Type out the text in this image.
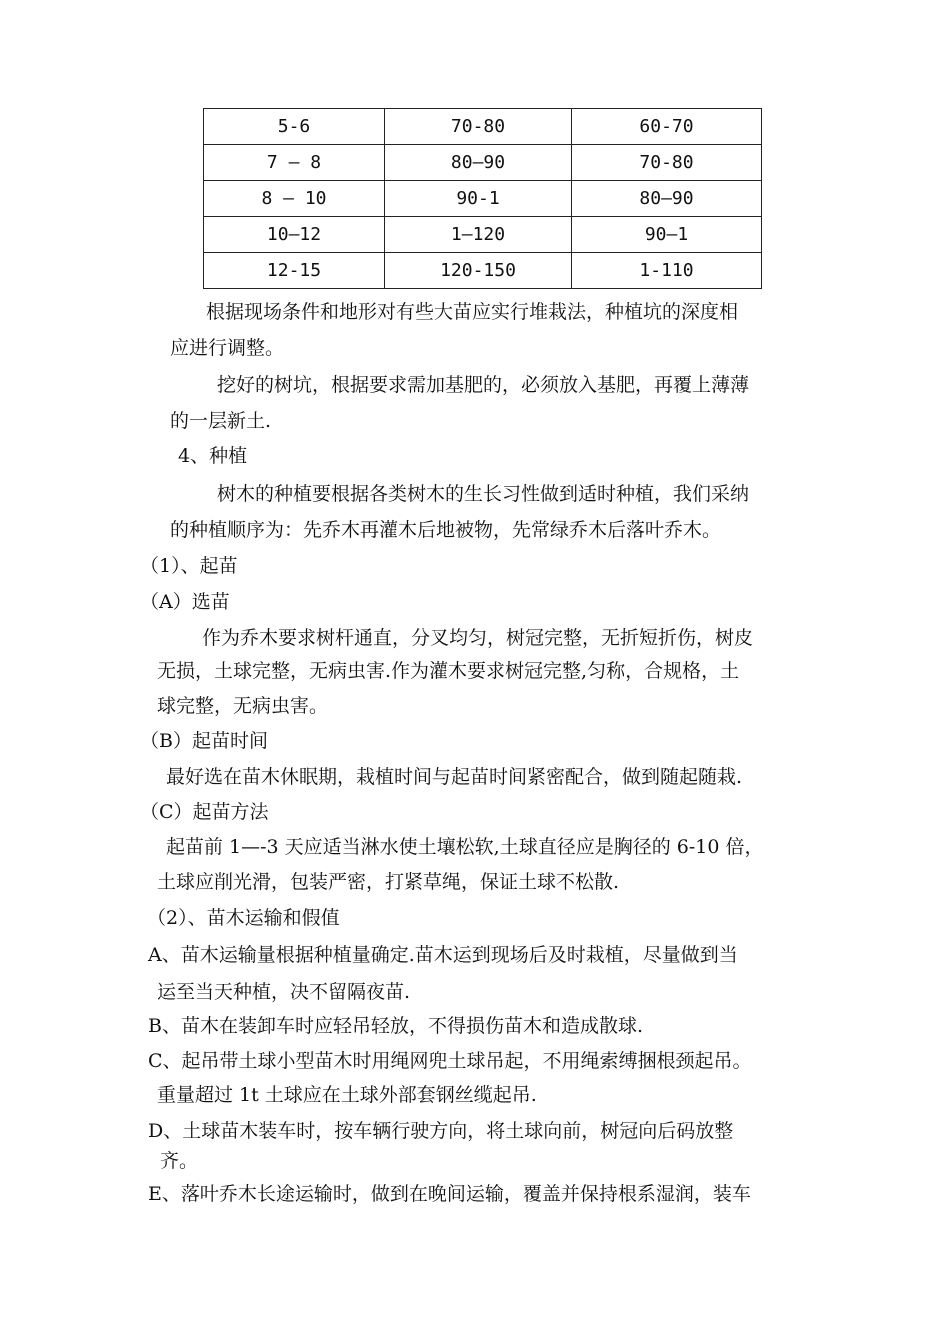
5-6	70-80	60-70
7 — 8	80—90	70-80
8 — 10	90-1	80—90
10—12	1—120	90—1
12-15	120-150	1-110
根据现场条件和地形对有些大苗应实行堆栽法，种植坑的深度相
应进行调整。
挖好的树坑，根据要求需加基肥的，必须放入基肥，再覆上薄薄
的一层新土.
4、种植
树木的种植要根据各类树木的生长习性做到适时种植，我们采纳
的种植顺序为：先乔木再灌木后地被物，先常绿乔木后落叶乔木。
（1）、起苗
（A）选苗
作为乔木要求树杆通直，分叉均匀，树冠完整，无折短折伤，树皮
无损，土球完整，无病虫害.作为灌木要求树冠完整,匀称，合规格，土
球完整，无病虫害。
（B）起苗时间
最好选在苗木休眠期，栽植时间与起苗时间紧密配合，做到随起随栽.
（C）起苗方法
起苗前 1—-3 天应适当淋水使土壤松软,土球直径应是胸径的 6-10 倍，
土球应削光滑，包装严密，打紧草绳，保证土球不松散.
（2）、苗木运输和假值
A、苗木运输量根据种植量确定.苗木运到现场后及时栽植，尽量做到当
运至当天种植，决不留隔夜苗.
B、苗木在装卸车时应轻吊轻放，不得损伤苗木和造成散球.
C、起吊带土球小型苗木时用绳网兜土球吊起，不用绳索缚捆根颈起吊。
重量超过 1t 土球应在土球外部套钢丝缆起吊.
D、土球苗木装车时，按车辆行驶方向，将土球向前，树冠向后码放整
齐。
E、落叶乔木长途运输时，做到在晚间运输，覆盖并保持根系湿润，装车
